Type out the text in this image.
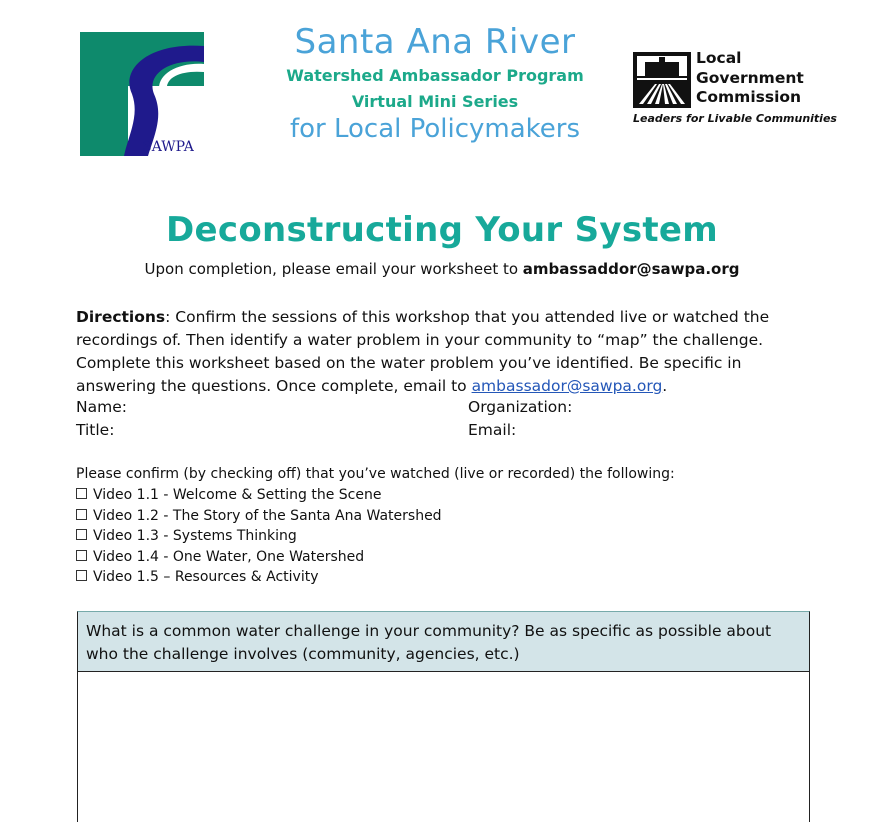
SAWPA
Santa Ana River
Watershed Ambassador Program
Virtual Mini Series
for Local Policymakers
Local
Government
Commission
Leaders for Livable Communities
Deconstructing Your System
Upon completion, please email your worksheet to ambassaddor@sawpa.org
Directions: Confirm the sessions of this workshop that you attended live or watched the recordings of. Then identify a water problem in your community to “map” the challenge. Complete this worksheet based on the water problem you’ve identified. Be specific in answering the questions. Once complete, email to ambassador@sawpa.org.
Name:	Organization:
Title:	Email:
Please confirm (by checking off) that you’ve watched (live or recorded) the following:
Video 1.1 - Welcome & Setting the Scene
Video 1.2 - The Story of the Santa Ana Watershed
Video 1.3 - Systems Thinking
Video 1.4 - One Water, One Watershed
Video 1.5 – Resources & Activity
What is a common water challenge in your community? Be as specific as possible about who the challenge involves (community, agencies, etc.)
